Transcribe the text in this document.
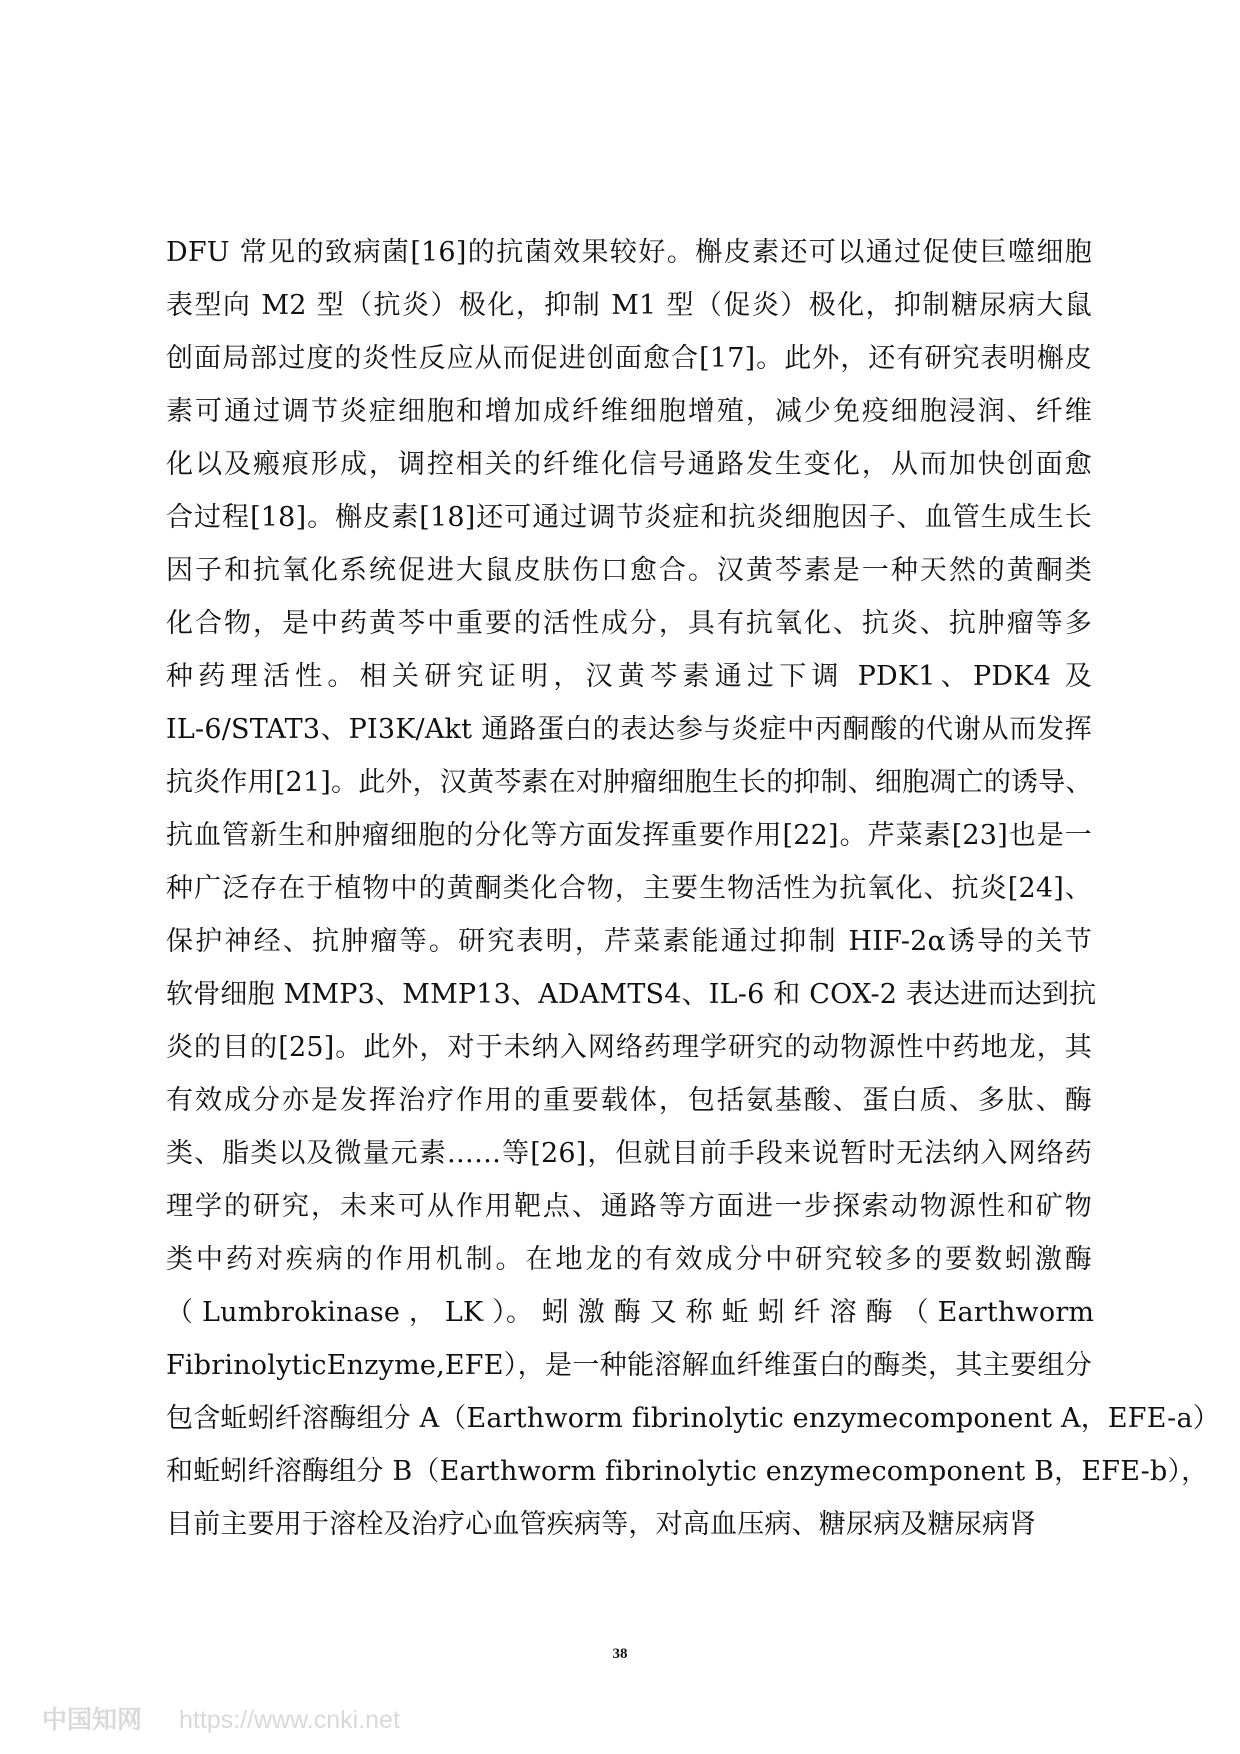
DFU 常见的致病菌[16]的抗菌效果较好。槲皮素还可以通过促使巨噬细胞
表型向 M2 型（抗炎）极化，抑制 M1 型（促炎）极化，抑制糖尿病大鼠
创面局部过度的炎性反应从而促进创面愈合[17]。此外，还有研究表明槲皮
素可通过调节炎症细胞和增加成纤维细胞增殖，减少免疫细胞浸润、纤维
化以及瘢痕形成，调控相关的纤维化信号通路发生变化，从而加快创面愈
合过程[18]。槲皮素[18]还可通过调节炎症和抗炎细胞因子、血管生成生长
因子和抗氧化系统促进大鼠皮肤伤口愈合。汉黄芩素是一种天然的黄酮类
化合物，是中药黄芩中重要的活性成分，具有抗氧化、抗炎、抗肿瘤等多
种药理活性。相关研究证明，汉黄芩素通过下调 PDK1、PDK4 及
IL-6/STAT3、PI3K/Akt 通路蛋白的表达参与炎症中丙酮酸的代谢从而发挥
抗炎作用[21]。此外，汉黄芩素在对肿瘤细胞生长的抑制、细胞凋亡的诱导、
抗血管新生和肿瘤细胞的分化等方面发挥重要作用[22]。芹菜素[23]也是一
种广泛存在于植物中的黄酮类化合物，主要生物活性为抗氧化、抗炎[24]、
保护神经、抗肿瘤等。研究表明，芹菜素能通过抑制 HIF-2α诱导的关节
软骨细胞 MMP3、MMP13、ADAMTS4、IL-6 和 COX-2 表达进而达到抗
炎的目的[25]。此外，对于未纳入网络药理学研究的动物源性中药地龙，其
有效成分亦是发挥治疗作用的重要载体，包括氨基酸、蛋白质、多肽、酶
类、脂类以及微量元素……等[26]，但就目前手段来说暂时无法纳入网络药
理学的研究，未来可从作用靶点、通路等方面进一步探索动物源性和矿物
类中药对疾病的作用机制。在地龙的有效成分中研究较多的要数蚓激酶
（ Lumbrokinase ， LK ）。 蚓 激 酶 又 称 蚯 蚓 纤 溶 酶 （ Earthworm
FibrinolyticEnzyme,EFE），是一种能溶解血纤维蛋白的酶类，其主要组分
包含蚯蚓纤溶酶组分 A（Earthworm fibrinolytic enzymecomponent A，EFE-a）
和蚯蚓纤溶酶组分 B（Earthworm fibrinolytic enzymecomponent B，EFE-b），
目前主要用于溶栓及治疗心血管疾病等，对高血压病、糖尿病及糖尿病肾
38
中国知网 https://www.cnki.net
